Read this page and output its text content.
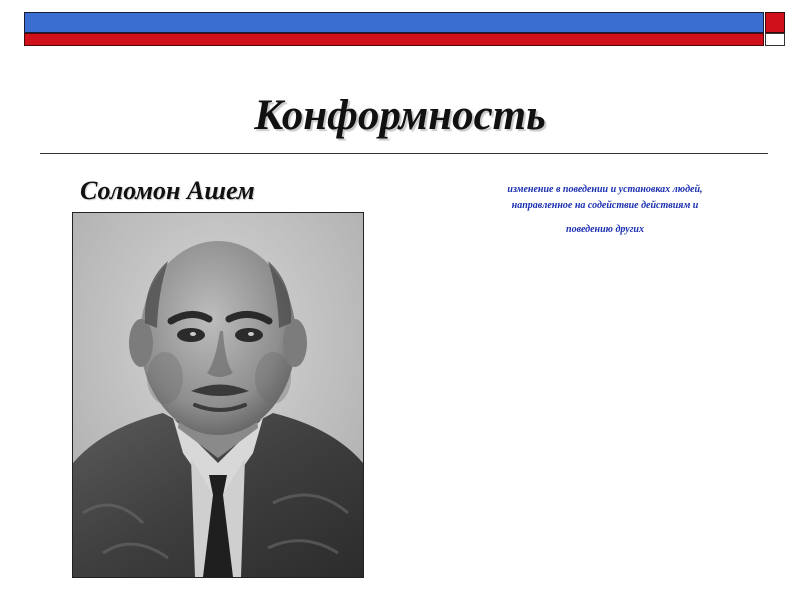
Конформность
Соломон Ашем	изменение в поведении и установках людей,
направленное на содействие действиям и
поведению других
